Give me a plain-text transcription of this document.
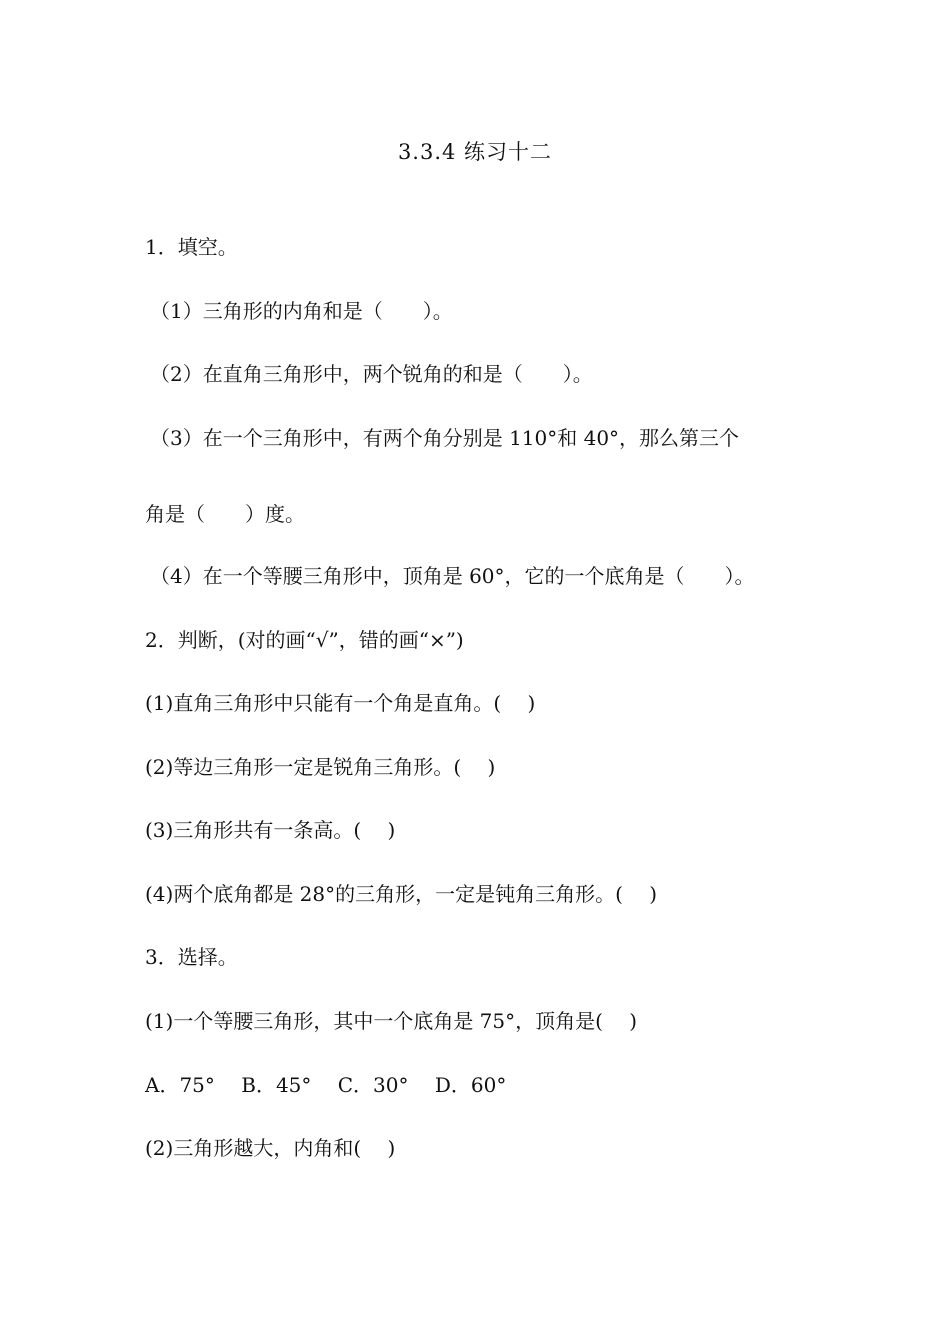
3.3.4 练习十二

1．填空。

（1）三角形的内角和是（　　）。

（2）在直角三角形中，两个锐角的和是（　　）。

（3）在一个三角形中，有两个角分别是 110°和 40°，那么第三个

角是（　　）度。

（4）在一个等腰三角形中，顶角是 60°，它的一个底角是（　　）。

2．判断，(对的画“√”，错的画“×”)

(1)直角三角形中只能有一个角是直角。(　 )

(2)等边三角形一定是锐角三角形。(　 )

(3)三角形共有一条高。(　 )

(4)两个底角都是 28°的三角形，一定是钝角三角形。(　 )

3．选择。

(1)一个等腰三角形，其中一个底角是 75°，顶角是(　 )

A．75°　 B．45°　 C．30°　 D．60°

(2)三角形越大，内角和(　 )
